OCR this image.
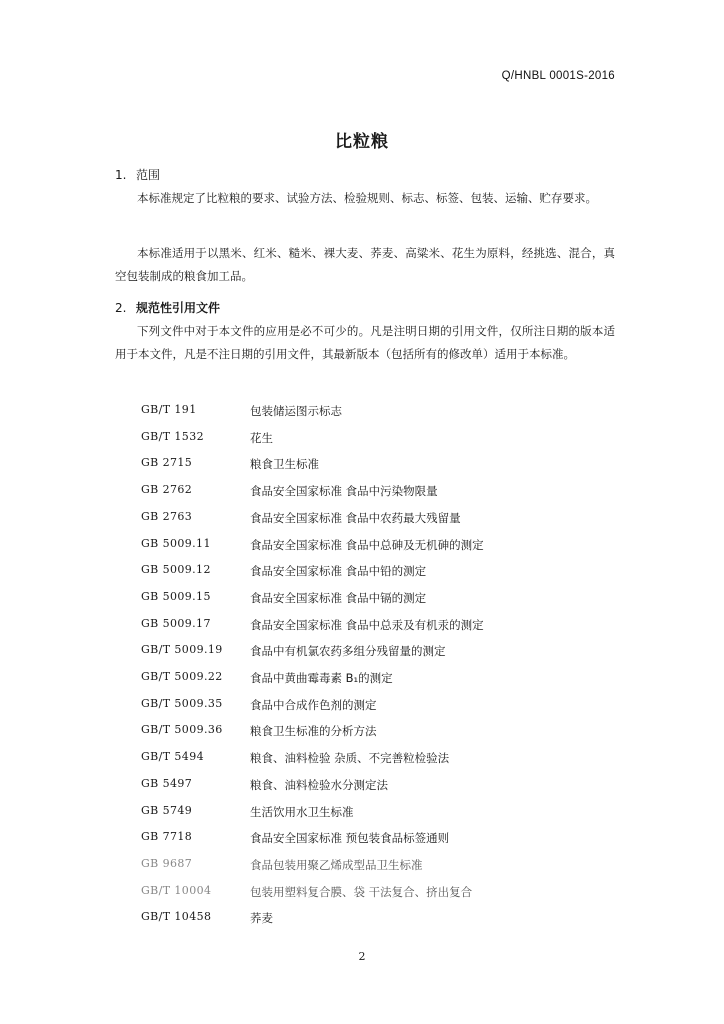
Q/HNBL 0001S-2016
比粒粮
1. 范围
本标准规定了比粒粮的要求、试验方法、检验规则、标志、标签、包装、运输、贮存要求。
本标准适用于以黑米、红米、糙米、裸大麦、荞麦、高粱米、花生为原料，经挑选、混合，真空包装制成的粮食加工品。
2. 规范性引用文件
下列文件中对于本文件的应用是必不可少的。凡是注明日期的引用文件，仅所注日期的版本适用于本文件，凡是不注日期的引用文件，其最新版本（包括所有的修改单）适用于本标准。
GB/T 191	包装储运图示标志
GB/T 1532	花生
GB 2715	粮食卫生标准
GB 2762	食品安全国家标准 食品中污染物限量
GB 2763	食品安全国家标准 食品中农药最大残留量
GB 5009.11	食品安全国家标准 食品中总砷及无机砷的测定
GB 5009.12	食品安全国家标准 食品中铅的测定
GB 5009.15	食品安全国家标准 食品中镉的测定
GB 5009.17	食品安全国家标准 食品中总汞及有机汞的测定
GB/T 5009.19 食品中有机氯农药多组分残留量的测定
GB/T 5009.22 食品中黄曲霉毒素 B₁的测定
GB/T 5009.35 食品中合成作色剂的测定
GB/T 5009.36 粮食卫生标准的分析方法
GB/T 5494	粮食、油料检验 杂质、不完善粒检验法
GB 5497	粮食、油料检验水分测定法
GB 5749	生活饮用水卫生标准
GB 7718	食品安全国家标准 预包装食品标签通则
GB 9687	食品包装用聚乙烯成型品卫生标准
GB/T 10004	包装用塑料复合膜、袋 干法复合、挤出复合
GB/T 10458	荞麦
2
